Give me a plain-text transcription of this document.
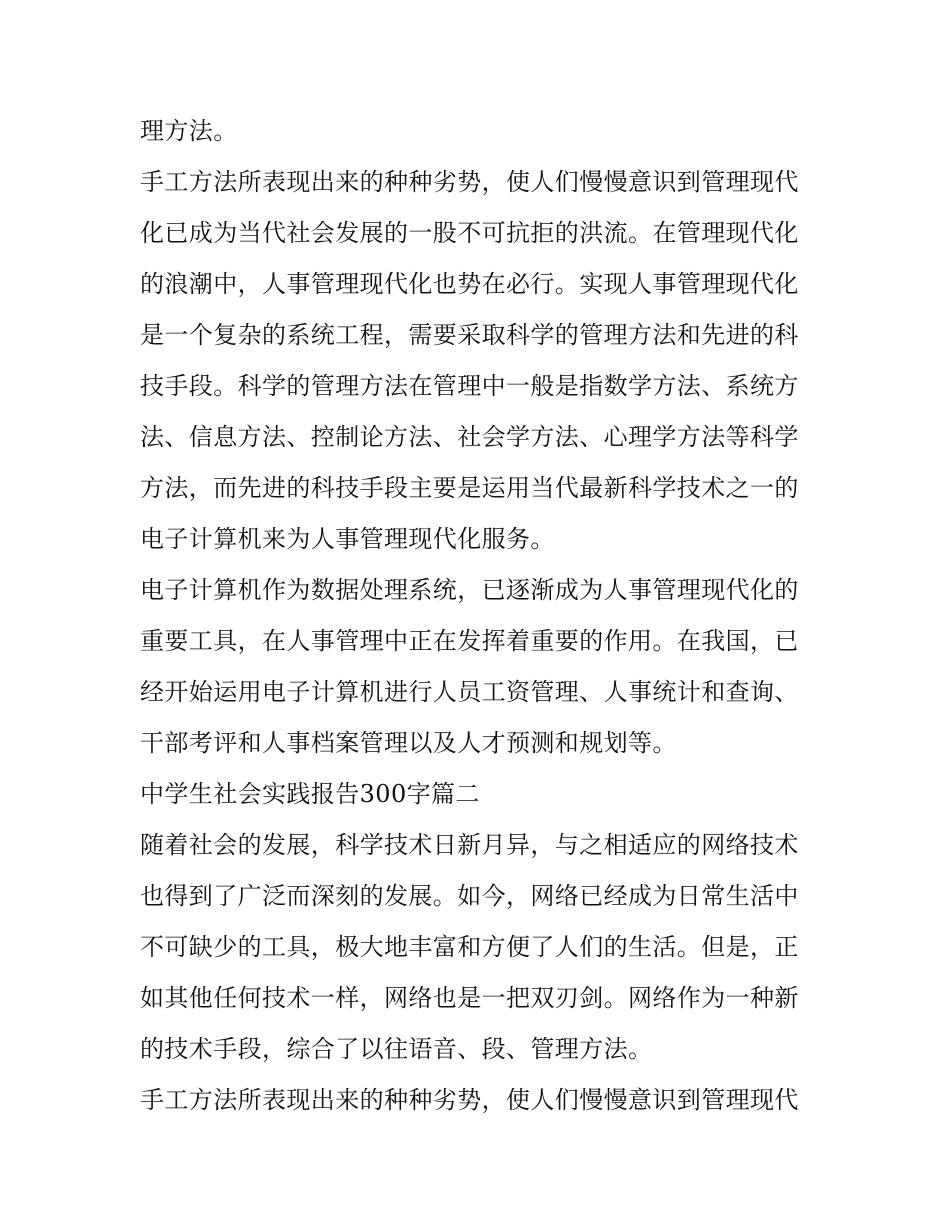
理方法。
手工方法所表现出来的种种劣势，使人们慢慢意识到管理现代
化已成为当代社会发展的一股不可抗拒的洪流。在管理现代化
的浪潮中，人事管理现代化也势在必行。实现人事管理现代化
是一个复杂的系统工程，需要采取科学的管理方法和先进的科
技手段。科学的管理方法在管理中一般是指数学方法、系统方
法、信息方法、控制论方法、社会学方法、心理学方法等科学
方法，而先进的科技手段主要是运用当代最新科学技术之一的
电子计算机来为人事管理现代化服务。
电子计算机作为数据处理系统，已逐渐成为人事管理现代化的
重要工具，在人事管理中正在发挥着重要的作用。在我国，已
经开始运用电子计算机进行人员工资管理、人事统计和查询、
干部考评和人事档案管理以及人才预测和规划等。
中学生社会实践报告300字篇二
随着社会的发展，科学技术日新月异，与之相适应的网络技术
也得到了广泛而深刻的发展。如今，网络已经成为日常生活中
不可缺少的工具，极大地丰富和方便了人们的生活。但是，正
如其他任何技术一样，网络也是一把双刃剑。网络作为一种新
的技术手段，综合了以往语音、段、管理方法。
手工方法所表现出来的种种劣势，使人们慢慢意识到管理现代
